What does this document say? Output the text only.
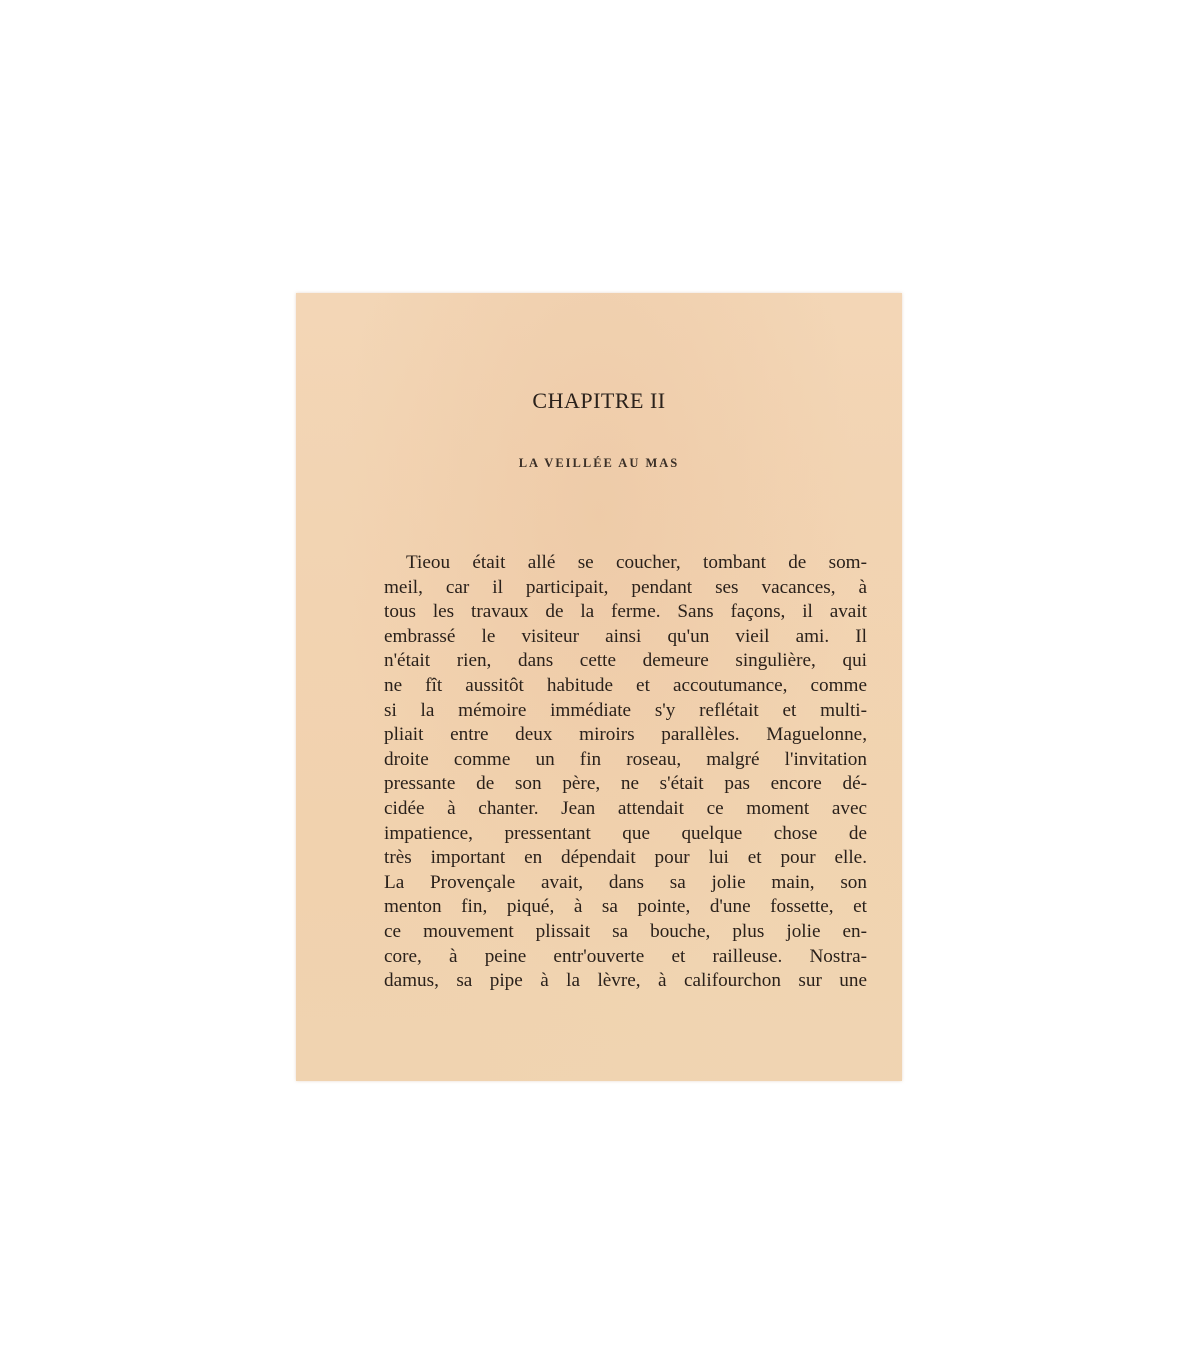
CHAPITRE II
LA VEILLÉE AU MAS
Tieou était allé se coucher, tombant de som-
meil, car il participait, pendant ses vacances, à
tous les travaux de la ferme. Sans façons, il avait
embrassé le visiteur ainsi qu'un vieil ami. Il
n'était rien, dans cette demeure singulière, qui
ne fît aussitôt habitude et accoutumance, comme
si la mémoire immédiate s'y reflétait et multi-
pliait entre deux miroirs parallèles. Maguelonne,
droite comme un fin roseau, malgré l'invitation
pressante de son père, ne s'était pas encore dé-
cidée à chanter. Jean attendait ce moment avec
impatience, pressentant que quelque chose de
très important en dépendait pour lui et pour elle.
La Provençale avait, dans sa jolie main, son
menton fin, piqué, à sa pointe, d'une fossette, et
ce mouvement plissait sa bouche, plus jolie en-
core, à peine entr'ouverte et railleuse. Nostra-
damus, sa pipe à la lèvre, à califourchon sur une
